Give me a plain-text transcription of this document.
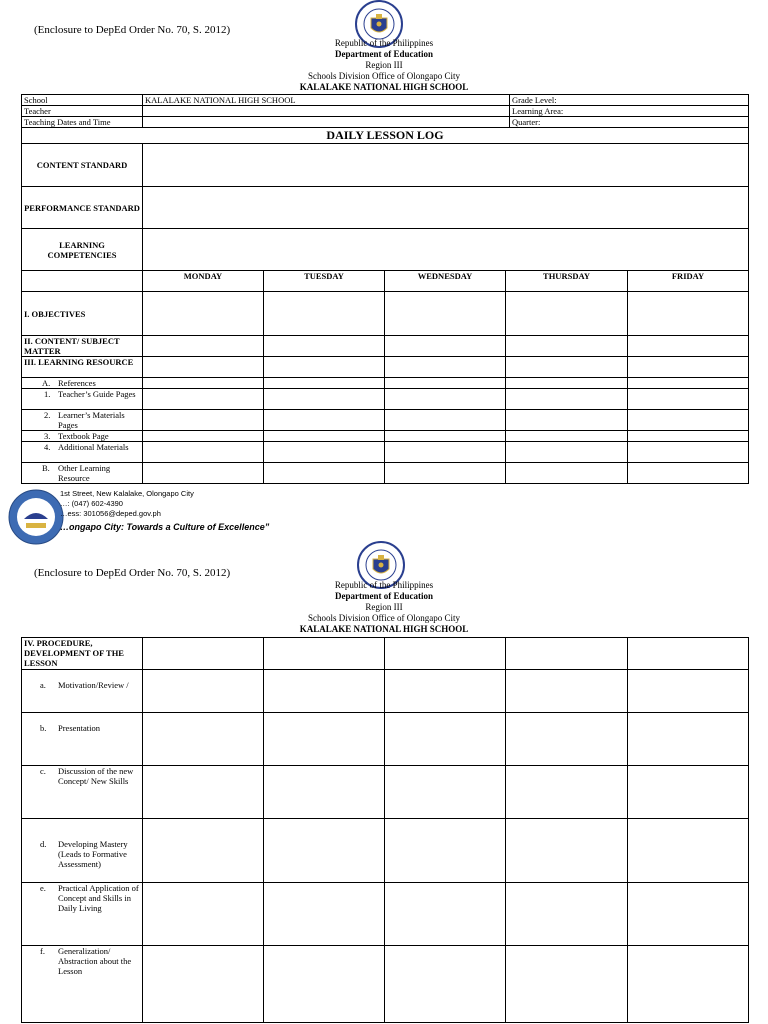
(Enclosure to DepEd Order No. 70, S. 2012)
Republic of the Philippines
Department of Education
Region III
Schools Division Office of Olongapo City
KALALAKE NATIONAL HIGH SCHOOL
School	KALALAKE NATIONAL HIGH SCHOOL	Grade Level:
Teacher		Learning Area:
Teaching Dates and Time		Quarter:
DAILY LESSON LOG					
CONTENT STANDARD					
PERFORMANCE STANDARD					
LEARNING COMPETENCIES					
	MONDAY	TUESDAY	WEDNESDAY	THURSDAY	FRIDAY
I. OBJECTIVES					
II. CONTENT/ SUBJECT MATTER					
III. LEARNING RESOURCE					
A. References					

1. Teacher’s Guide Pages					

2. Learner’s Materials Pages					

3. Textbook Page					

4. Additional Materials					

B. Other Learning Resource					

1979
1st Street, New Kalalake, Olongapo City
…: (047) 602-4390
…ess: 301056@deped.gov.ph
…ongapo City: Towards a Culture of Excellence”
(Enclosure to DepEd Order No. 70, S. 2012)
Republic of the Philippines
Department of Education
Region III
Schools Division Office of Olongapo City
KALALAKE NATIONAL HIGH SCHOOL
IV. PROCEDURE, DEVELOPMENT OF THE LESSON					

a. Motivation/Review /					

b. Presentation					

c. Discussion of the new Concept/ New Skills					

d. Developing Mastery (Leads to Formative Assessment)					

e. Practical Application of Concept and Skills in Daily Living					

f. Generalization/ Abstraction about the Lesson					
